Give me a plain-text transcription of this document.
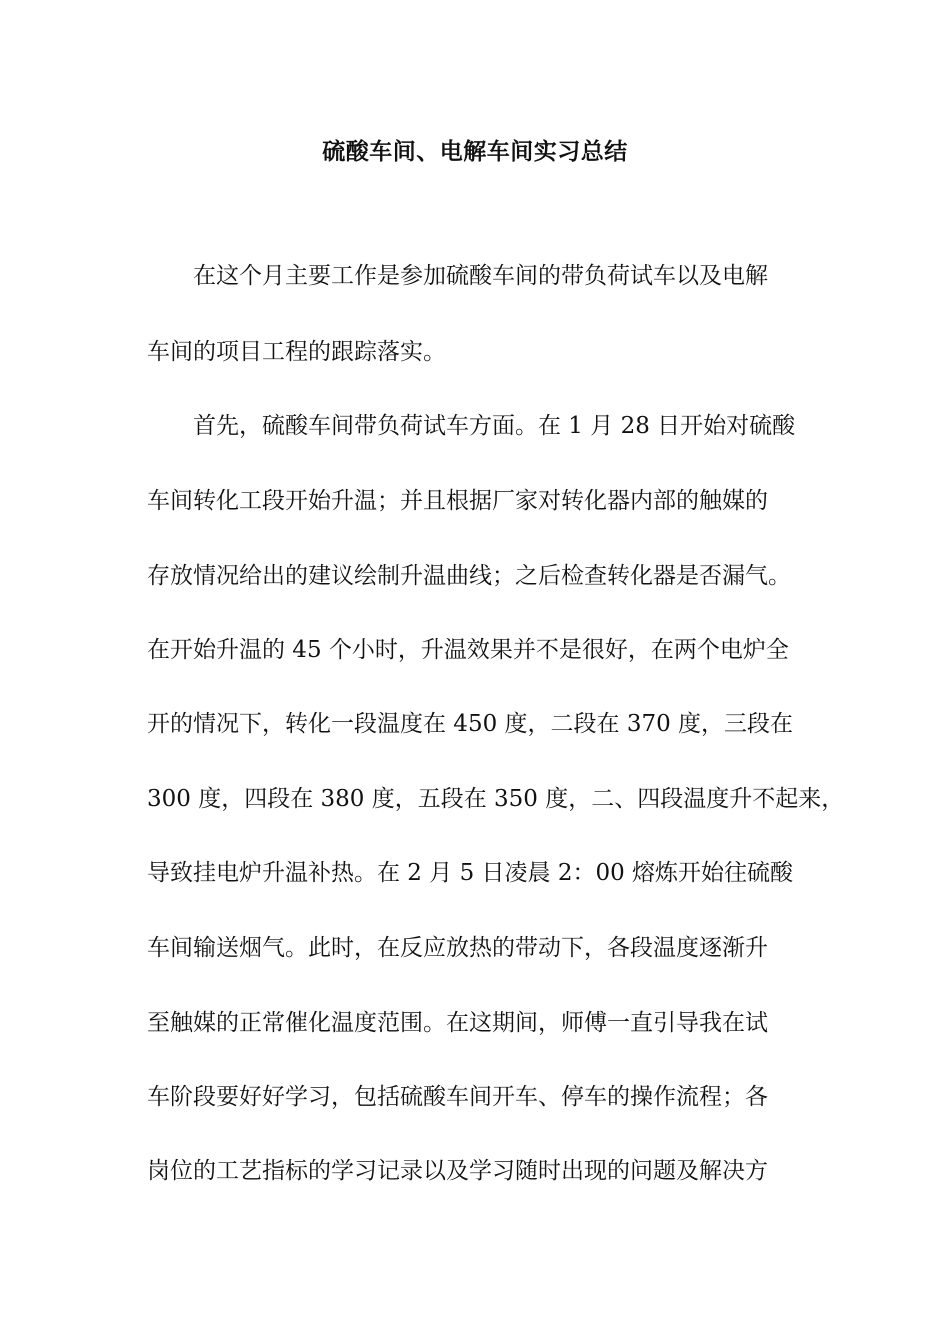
硫酸车间、电解车间实习总结

在这个月主要工作是参加硫酸车间的带负荷试车以及电解

车间的项目工程的跟踪落实。

首先，硫酸车间带负荷试车方面。在 1 月 28 日开始对硫酸

车间转化工段开始升温；并且根据厂家对转化器内部的触媒的

存放情况给出的建议绘制升温曲线；之后检查转化器是否漏气。

在开始升温的 45 个小时，升温效果并不是很好，在两个电炉全

开的情况下，转化一段温度在 450 度，二段在 370 度，三段在

300 度，四段在 380 度，五段在 350 度，二、四段温度升不起来，

导致挂电炉升温补热。在 2 月 5 日凌晨 2：00 熔炼开始往硫酸

车间输送烟气。此时，在反应放热的带动下，各段温度逐渐升

至触媒的正常催化温度范围。在这期间，师傅一直引导我在试

车阶段要好好学习，包括硫酸车间开车、停车的操作流程；各

岗位的工艺指标的学习记录以及学习随时出现的问题及解决方
